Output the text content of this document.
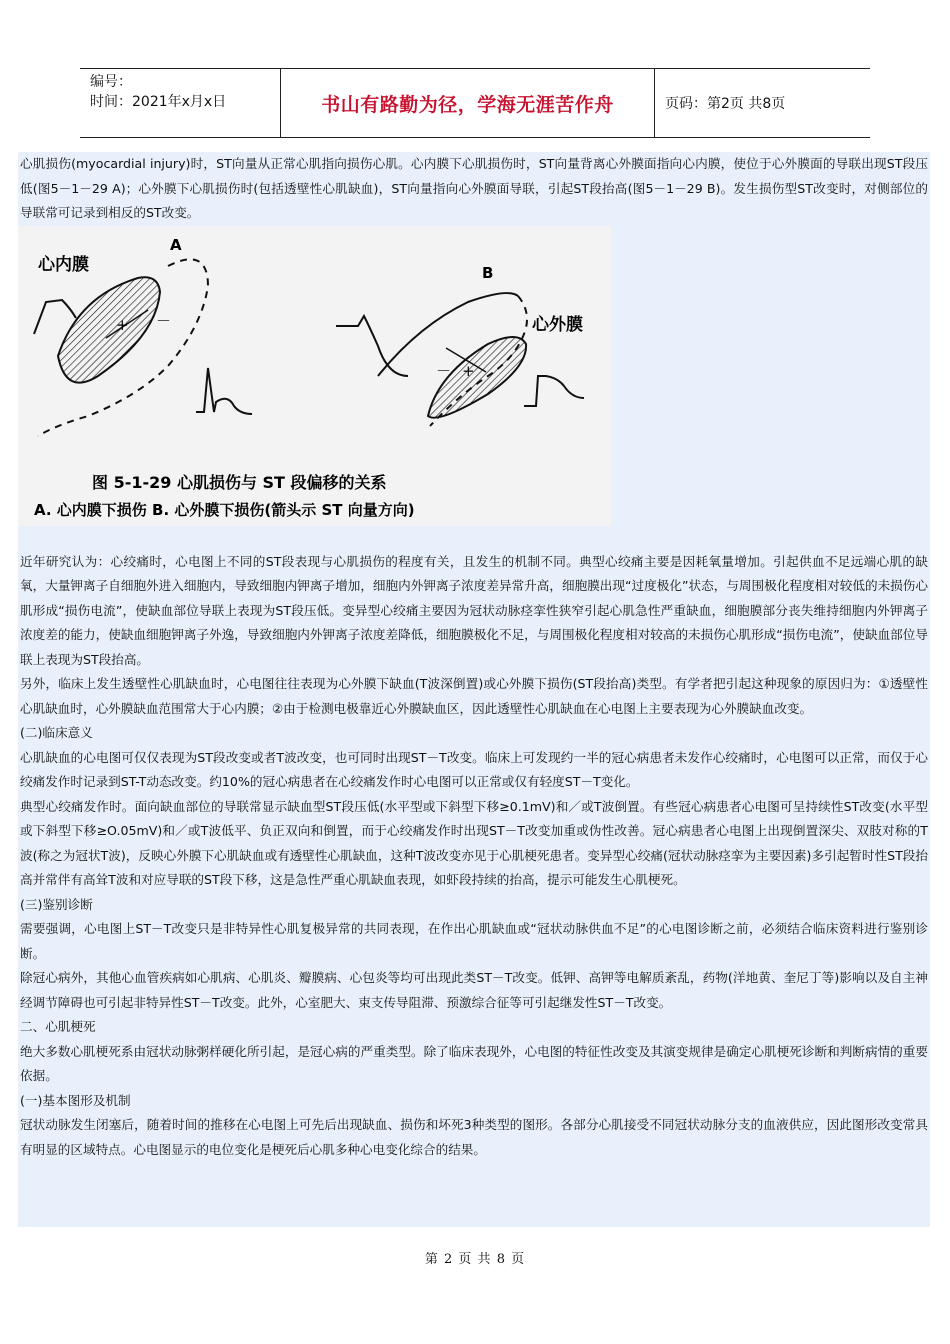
编号：
时间：2021年x月x日	书山有路勤为径，学海无涯苦作舟	页码：第2页 共8页

心肌损伤(myocardial injury)时，ST向量从正常心肌指向损伤心肌。心内膜下心肌损伤时，ST向量背离心外膜面指向心内膜，使位于心外膜面的导联出现ST段压低(图5－1－29 A)；心外膜下心肌损伤时(包括透壁性心肌缺血)，ST向量指向心外膜面导联，引起ST段抬高(图5－1－29 B)。发生损伤型ST改变时，对侧部位的导联常可记录到相反的ST改变。

心内膜
A
+ －
B
心外膜
－ +
图 5-1-29 心肌损伤与 ST 段偏移的关系
A. 心内膜下损伤 B. 心外膜下损伤(箭头示 ST 向量方向)

近年研究认为：心绞痛时，心电图上不同的ST段表现与心肌损伤的程度有关，且发生的机制不同。典型心绞痛主要是因耗氧量增加。引起供血不足远端心肌的缺氧，大量钾离子自细胞外进入细胞内，导致细胞内钾离子增加，细胞内外钾离子浓度差异常升高，细胞膜出现“过度极化”状态，与周围极化程度相对较低的未损伤心肌形成“损伤电流”，使缺血部位导联上表现为ST段压低。变异型心绞痛主要因为冠状动脉痉挛性狭窄引起心肌急性严重缺血，细胞膜部分丧失维持细胞内外钾离子浓度差的能力，使缺血细胞钾离子外逸，导致细胞内外钾离子浓度差降低，细胞膜极化不足，与周围极化程度相对较高的未损伤心肌形成“损伤电流”，使缺血部位导联上表现为ST段抬高。

另外，临床上发生透壁性心肌缺血时，心电图往往表现为心外膜下缺血(T波深倒置)或心外膜下损伤(ST段抬高)类型。有学者把引起这种现象的原因归为：①透壁性心肌缺血时，心外膜缺血范围常大于心内膜；②由于检测电极靠近心外膜缺血区，因此透壁性心肌缺血在心电图上主要表现为心外膜缺血改变。

(二)临床意义

心肌缺血的心电图可仅仅表现为ST段改变或者T波改变，也可同时出现ST－T改变。临床上可发现约一半的冠心病患者未发作心绞痛时，心电图可以正常，而仅于心绞痛发作时记录到ST-T动态改变。约10%的冠心病患者在心绞痛发作时心电图可以正常或仅有轻度ST－T变化。

典型心绞痛发作时。面向缺血部位的导联常显示缺血型ST段压低(水平型或下斜型下移≥0.1mV)和／或T波倒置。有些冠心病患者心电图可呈持续性ST改变(水平型或下斜型下移≥O.05mV)和／或T波低平、负正双向和倒置，而于心绞痛发作时出现ST－T改变加重或伪性改善。冠心病患者心电图上出现倒置深尖、双肢对称的T波(称之为冠状T波)，反映心外膜下心肌缺血或有透壁性心肌缺血，这种T波改变亦见于心肌梗死患者。变异型心绞痛(冠状动脉痉挛为主要因素)多引起暂时性ST段抬高并常伴有高耸T波和对应导联的ST段下移，这是急性严重心肌缺血表现，如虾段持续的抬高，提示可能发生心肌梗死。

(三)鉴别诊断

需要强调，心电图上ST－T改变只是非特异性心肌复极异常的共同表现，在作出心肌缺血或“冠状动脉供血不足”的心电图诊断之前，必须结合临床资料进行鉴别诊断。

除冠心病外，其他心血管疾病如心肌病、心肌炎、瓣膜病、心包炎等均可出现此类ST－T改变。低钾、高钾等电解质紊乱，药物(洋地黄、奎尼丁等)影响以及自主神经调节障碍也可引起非特异性ST－T改变。此外，心室肥大、束支传导阻滞、预激综合征等可引起继发性ST－T改变。

二、心肌梗死

绝大多数心肌梗死系由冠状动脉粥样硬化所引起，是冠心病的严重类型。除了临床表现外，心电图的特征性改变及其演变规律是确定心肌梗死诊断和判断病情的重要依据。

(一)基本图形及机制

冠状动脉发生闭塞后，随着时间的推移在心电图上可先后出现缺血、损伤和坏死3种类型的图形。各部分心肌接受不同冠状动脉分支的血液供应，因此图形改变常具有明显的区域特点。心电图显示的电位变化是梗死后心肌多种心电变化综合的结果。

第 2 页 共 8 页
